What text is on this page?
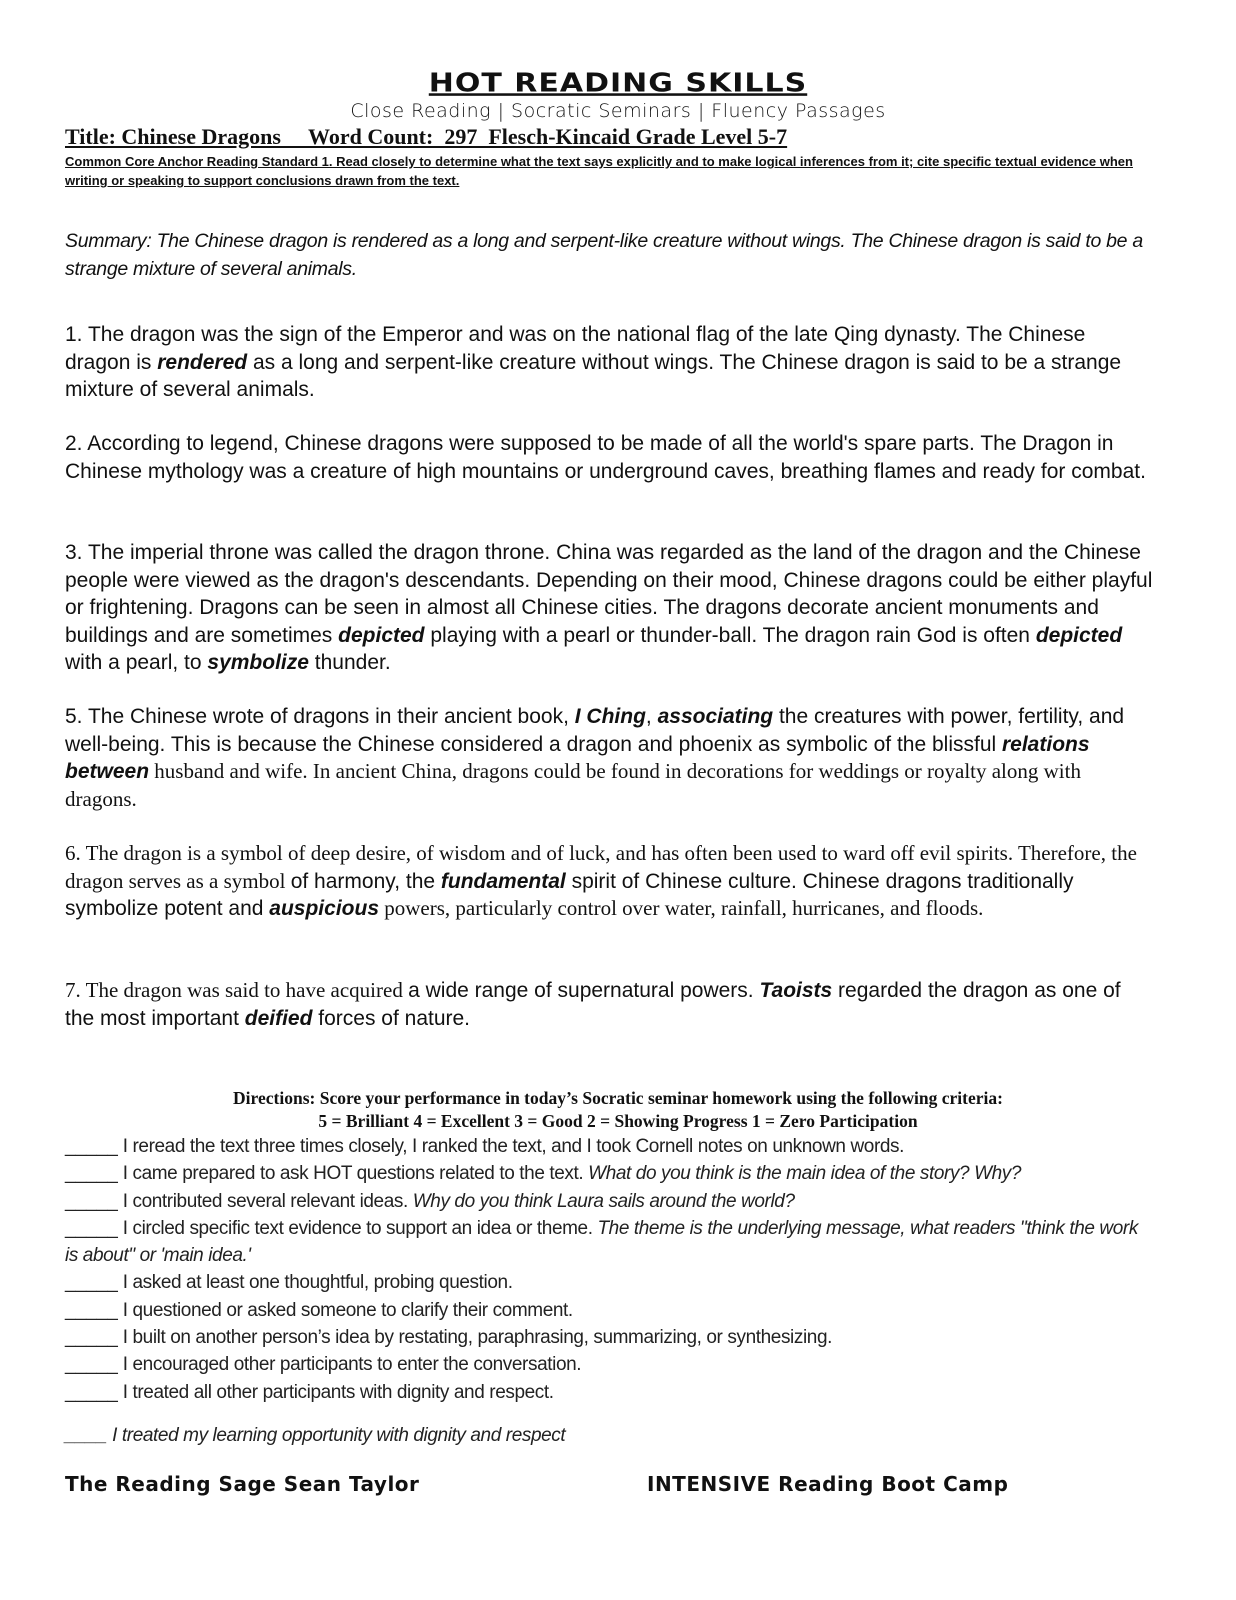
HOT READING SKILLS
Close Reading | Socratic Seminars | Fluency Passages
Title: Chinese Dragons     Word Count:  297  Flesch-Kincaid Grade Level 5-7
Common Core Anchor Reading Standard 1. Read closely to determine what the text says explicitly and to make logical inferences from it; cite specific textual evidence when writing or speaking to support conclusions drawn from the text.
Summary: The Chinese dragon is rendered as a long and serpent-like creature without wings. The Chinese dragon is said to be a strange mixture of several animals.
1. The dragon was the sign of the Emperor and was on the national flag of the late Qing dynasty. The Chinese dragon is rendered as a long and serpent-like creature without wings. The Chinese dragon is said to be a strange mixture of several animals.
2. According to legend, Chinese dragons were supposed to be made of all the world's spare parts. The Dragon in Chinese mythology was a creature of high mountains or underground caves, breathing flames and ready for combat.
3. The imperial throne was called the dragon throne. China was regarded as the land of the dragon and the Chinese people were viewed as the dragon's descendants. Depending on their mood, Chinese dragons could be either playful or frightening. Dragons can be seen in almost all Chinese cities. The dragons decorate ancient monuments and buildings and are sometimes depicted playing with a pearl or thunder-ball. The dragon rain God is often depicted with a pearl, to symbolize thunder.
5. The Chinese wrote of dragons in their ancient book, I Ching, associating the creatures with power, fertility, and well-being. This is because the Chinese considered a dragon and phoenix as symbolic of the blissful relations between husband and wife. In ancient China, dragons could be found in decorations for weddings or royalty along with dragons.
6. The dragon is a symbol of deep desire, of wisdom and of luck, and has often been used to ward off evil spirits. Therefore, the dragon serves as a symbol of harmony, the fundamental spirit of Chinese culture. Chinese dragons traditionally symbolize potent and auspicious powers, particularly control over water, rainfall, hurricanes, and floods.
7. The dragon was said to have acquired a wide range of supernatural powers. Taoists regarded the dragon as one of the most important deified forces of nature.
Directions: Score your performance in today’s Socratic seminar homework using the following criteria:
5 = Brilliant 4 = Excellent 3 = Good 2 = Showing Progress 1 = Zero Participation
_____ I reread the text three times closely, I ranked the text, and I took Cornell notes on unknown words.
_____ I came prepared to ask HOT questions related to the text. What do you think is the main idea of the story? Why?
_____ I contributed several relevant ideas. Why do you think Laura sails around the world?
_____ I circled specific text evidence to support an idea or theme. The theme is the underlying message, what readers "think the work is about" or 'main idea.'
_____ I asked at least one thoughtful, probing question.
_____ I questioned or asked someone to clarify their comment.
_____ I built on another person’s idea by restating, paraphrasing, summarizing, or synthesizing.
_____ I encouraged other participants to enter the conversation.
_____ I treated all other participants with dignity and respect.
____ I treated my learning opportunity with dignity and respect
The Reading Sage Sean Taylor	INTENSIVE Reading Boot Camp
